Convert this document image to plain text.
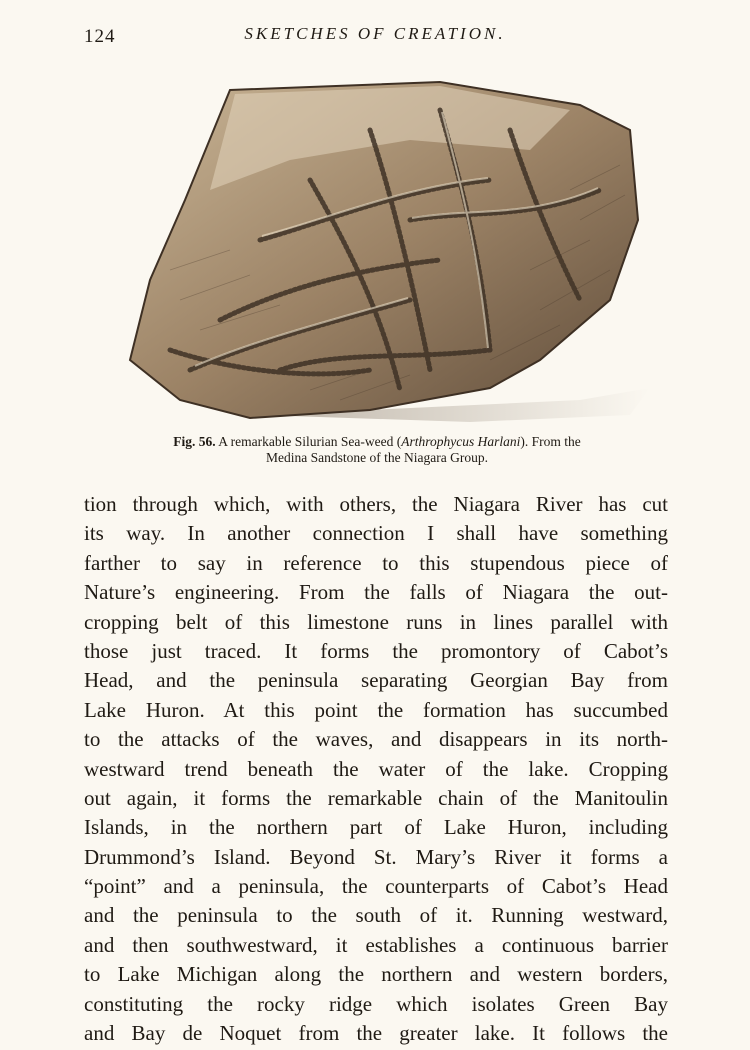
124	SKETCHES OF CREATION.
Fig. 56. A remarkable Silurian Sea-weed (Arthrophycus Harlani). From the
Medina Sandstone of the Niagara Group.
tion through which, with others, the Niagara River has cut
its way. In another connection I shall have something
farther to say in reference to this stupendous piece of
Nature’s engineering. From the falls of Niagara the out-
cropping belt of this limestone runs in lines parallel with
those just traced. It forms the promontory of Cabot’s
Head, and the peninsula separating Georgian Bay from
Lake Huron. At this point the formation has succumbed
to the attacks of the waves, and disappears in its north-
westward trend beneath the water of the lake. Cropping
out again, it forms the remarkable chain of the Manitoulin
Islands, in the northern part of Lake Huron, including
Drummond’s Island. Beyond St. Mary’s River it forms a
“point” and a peninsula, the counterparts of Cabot’s Head
and the peninsula to the south of it. Running westward,
and then southwestward, it establishes a continuous barrier
to Lake Michigan along the northern and western borders,
constituting the rocky ridge which isolates Green Bay
and Bay de Noquet from the greater lake. It follows the
